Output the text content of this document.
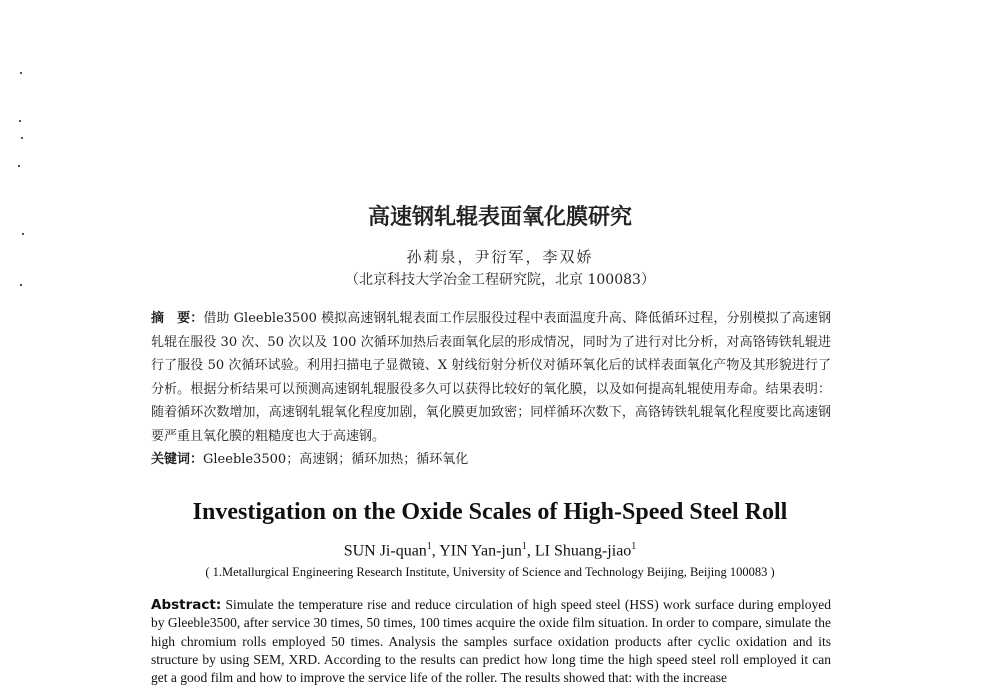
高速钢轧辊表面氧化膜研究
孙莉泉，尹衍军，李双娇
（北京科技大学冶金工程研究院，北京 100083）
摘　要：借助 Gleeble3500 模拟高速钢轧辊表面工作层服役过程中表面温度升高、降低循环过程，分别模拟了高速钢轧辊在服役 30 次、50 次以及 100 次循环加热后表面氧化层的形成情况，同时为了进行对比分析，对高铬铸铁轧辊进行了服役 50 次循环试验。利用扫描电子显微镜、X 射线衍射分析仪对循环氧化后的试样表面氧化产物及其形貌进行了分析。根据分析结果可以预测高速钢轧辊服役多久可以获得比较好的氧化膜，以及如何提高轧辊使用寿命。结果表明：随着循环次数增加，高速钢轧辊氧化程度加剧，氧化膜更加致密；同样循环次数下，高铬铸铁轧辊氧化程度要比高速钢要严重且氧化膜的粗糙度也大于高速钢。
关键词：Gleeble3500；高速钢；循环加热；循环氧化
Investigation on the Oxide Scales of High-Speed Steel Roll
SUN Ji-quan$^1$, YIN Yan-jun$^1$, LI Shuang-jiao$^1$
( 1.Metallurgical Engineering Research Institute, University of Science and Technology Beijing, Beijing 100083 )
Abstract: Simulate the temperature rise and reduce circulation of high speed steel (HSS) work surface during employed by Gleeble3500, after service 30 times, 50 times, 100 times acquire the oxide film situation. In order to compare, simulate the high chromium rolls employed 50 times. Analysis the samples surface oxidation products after cyclic oxidation and its structure by using SEM, XRD. According to the results can predict how long time the high speed steel roll employed it can get a good film and how to improve the service life of the roller. The results showed that: with the increase
